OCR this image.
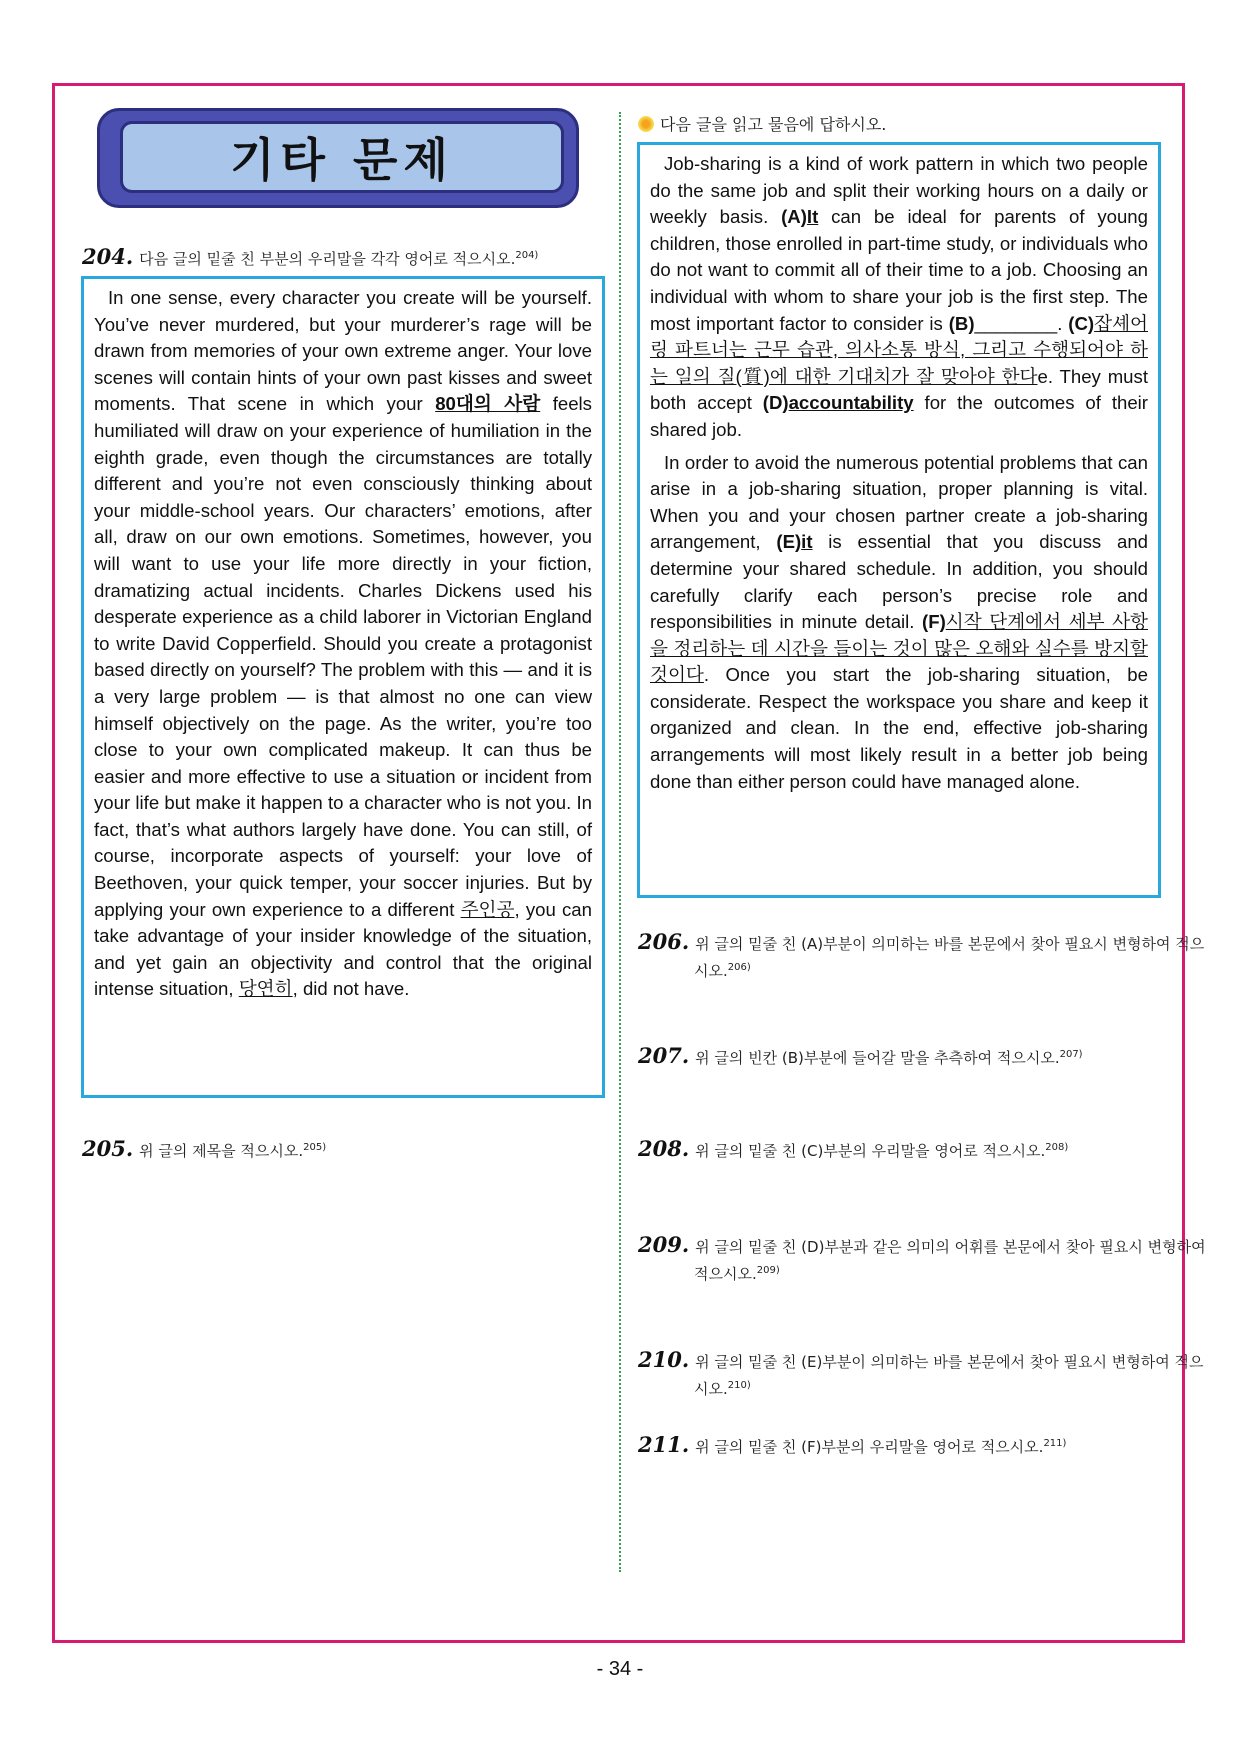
기타 문제
204. 다음 글의 밑줄 친 부분의 우리말을 각각 영어로 적으시오.$^{204)}$

In one sense, every character you create will be yourself. You’ve never murdered, but your murderer’s rage will be drawn from memories of your own extreme anger. Your love scenes will contain hints of your own past kisses and sweet moments. That scene in which your 80대의 사람 feels humiliated will draw on your experience of humiliation in the eighth grade, even though the circumstances are totally different and you’re not even consciously thinking about your middle-school years. Our characters’ emotions, after all, draw on our own emotions. Sometimes, however, you will want to use your life more directly in your fiction, dramatizing actual incidents. Charles Dickens used his desperate experience as a child laborer in Victorian England to write David Copperfield. Should you create a protagonist based directly on yourself? The problem with this — and it is a very large problem — is that almost no one can view himself objectively on the page. As the writer, you’re too close to your own complicated makeup. It can thus be easier and more effective to use a situation or incident from your life but make it happen to a character who is not you. In fact, that’s what authors largely have done. You can still, of course, incorporate aspects of yourself: your love of Beethoven, your quick temper, your soccer injuries. But by applying your own experience to a different 주인공, you can take advantage of your insider knowledge of the situation, and yet gain an objectivity and control that the original intense situation, 당연히, did not have.

205. 위 글의 제목을 적으시오.$^{205)}$
다음 글을 읽고 물음에 답하시오.

Job-sharing is a kind of work pattern in which two people do the same job and split their working hours on a daily or weekly basis. (A)It can be ideal for parents of young children, those enrolled in part-time study, or individuals who do not want to commit all of their time to a job. Choosing an individual with whom to share your job is the first step. The most important factor to consider is (B)________. (C)잡셰어링 파트너는 근무 습관, 의사소통 방식, 그리고 수행되어야 하는 일의 질(質)에 대한 기대치가 잘 맞아야 한다e. They must both accept (D)accountability for the outcomes of their shared job.

In order to avoid the numerous potential problems that can arise in a job-sharing situation, proper planning is vital. When you and your chosen partner create a job-sharing arrangement, (E)it is essential that you discuss and determine your shared schedule. In addition, you should carefully clarify each person’s precise role and responsibilities in minute detail. (F)시작 단계에서 세부 사항을 정리하는 데 시간을 들이는 것이 많은 오해와 실수를 방지할 것이다. Once you start the job-sharing situation, be considerate. Respect the workspace you share and keep it organized and clean. In the end, effective job-sharing arrangements will most likely result in a better job being done than either person could have managed alone.

206. 위 글의 밑줄 친 (A)부분이 의미하는 바를 본문에서 찾아 필요시 변형하여 적으시오.$^{206)}$
207. 위 글의 빈칸 (B)부분에 들어갈 말을 추측하여 적으시오.$^{207)}$
208. 위 글의 밑줄 친 (C)부분의 우리말을 영어로 적으시오.$^{208)}$
209. 위 글의 밑줄 친 (D)부분과 같은 의미의 어휘를 본문에서 찾아 필요시 변형하여 적으시오.$^{209)}$
210. 위 글의 밑줄 친 (E)부분이 의미하는 바를 본문에서 찾아 필요시 변형하여 적으시오.$^{210)}$
211. 위 글의 밑줄 친 (F)부분의 우리말을 영어로 적으시오.$^{211)}$
- 34 -
